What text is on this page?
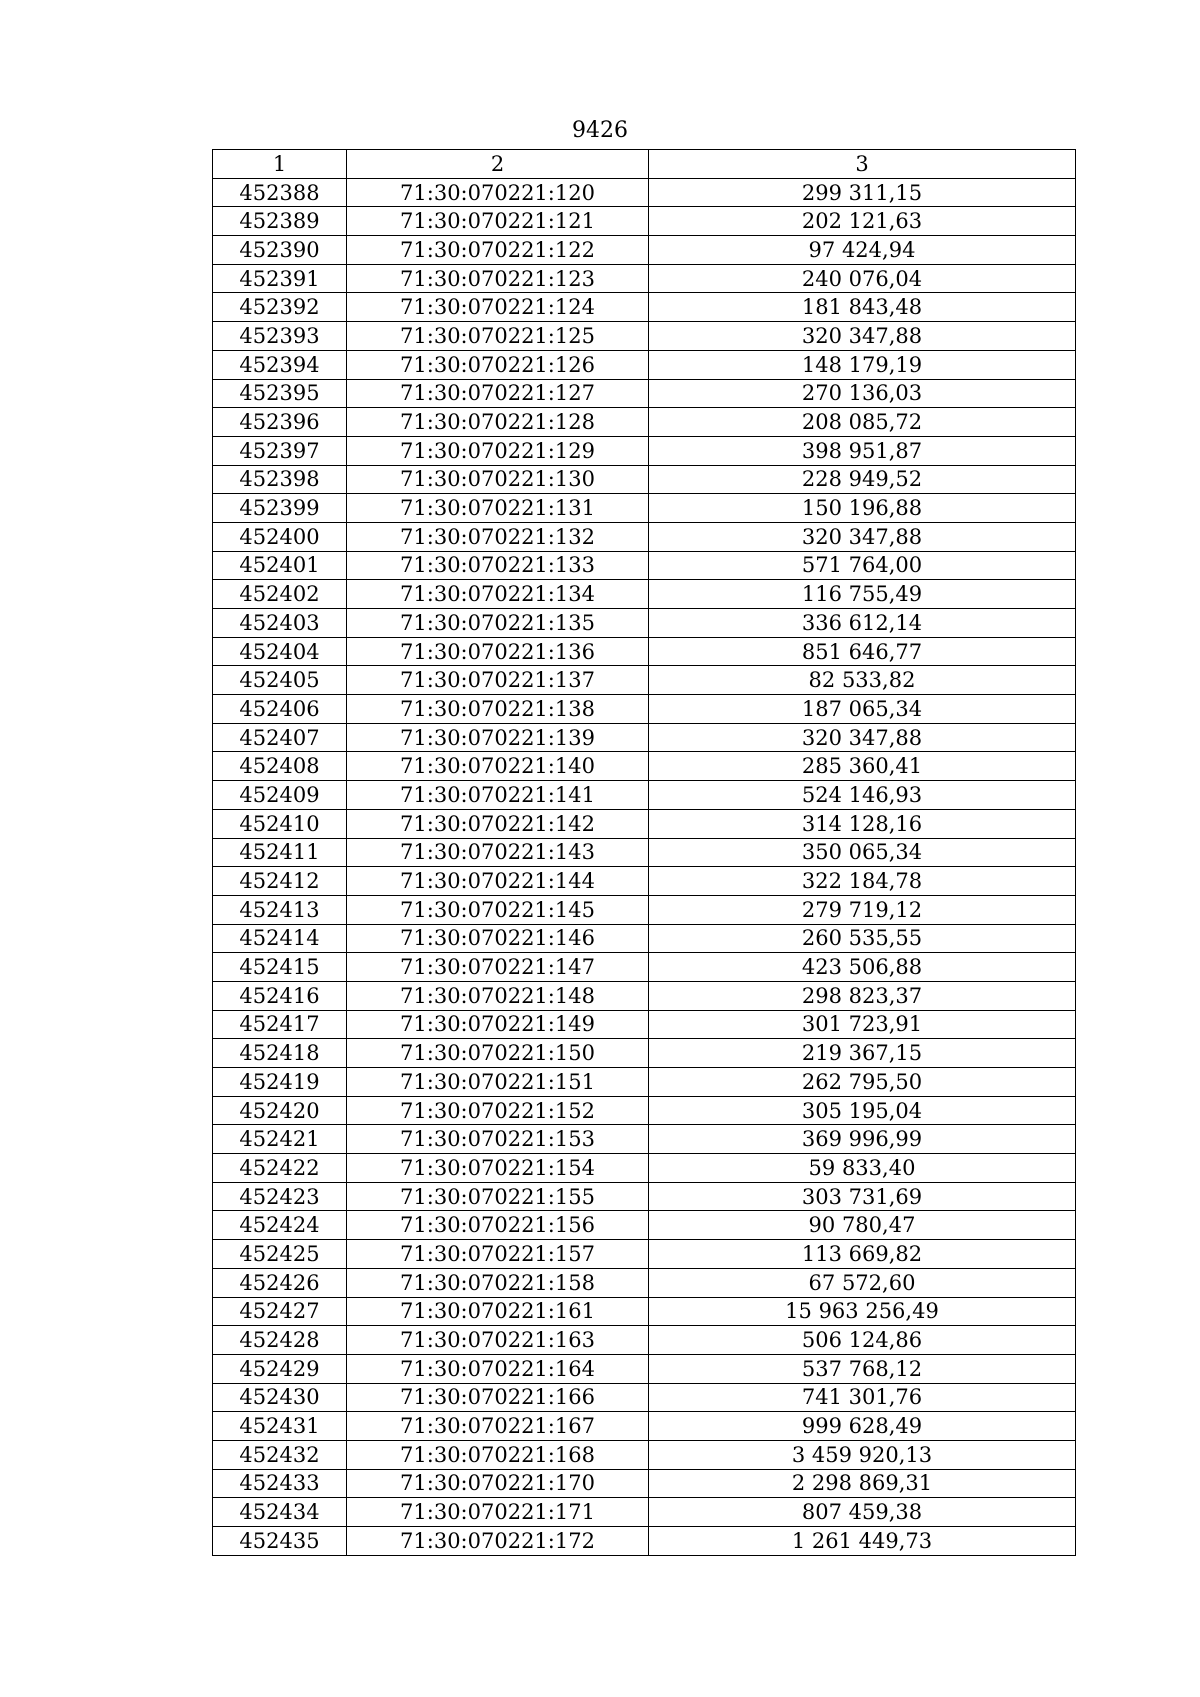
9426
1	2	3
452388	71:30:070221:120	299 311,15
452389	71:30:070221:121	202 121,63
452390	71:30:070221:122	97 424,94
452391	71:30:070221:123	240 076,04
452392	71:30:070221:124	181 843,48
452393	71:30:070221:125	320 347,88
452394	71:30:070221:126	148 179,19
452395	71:30:070221:127	270 136,03
452396	71:30:070221:128	208 085,72
452397	71:30:070221:129	398 951,87
452398	71:30:070221:130	228 949,52
452399	71:30:070221:131	150 196,88
452400	71:30:070221:132	320 347,88
452401	71:30:070221:133	571 764,00
452402	71:30:070221:134	116 755,49
452403	71:30:070221:135	336 612,14
452404	71:30:070221:136	851 646,77
452405	71:30:070221:137	82 533,82
452406	71:30:070221:138	187 065,34
452407	71:30:070221:139	320 347,88
452408	71:30:070221:140	285 360,41
452409	71:30:070221:141	524 146,93
452410	71:30:070221:142	314 128,16
452411	71:30:070221:143	350 065,34
452412	71:30:070221:144	322 184,78
452413	71:30:070221:145	279 719,12
452414	71:30:070221:146	260 535,55
452415	71:30:070221:147	423 506,88
452416	71:30:070221:148	298 823,37
452417	71:30:070221:149	301 723,91
452418	71:30:070221:150	219 367,15
452419	71:30:070221:151	262 795,50
452420	71:30:070221:152	305 195,04
452421	71:30:070221:153	369 996,99
452422	71:30:070221:154	59 833,40
452423	71:30:070221:155	303 731,69
452424	71:30:070221:156	90 780,47
452425	71:30:070221:157	113 669,82
452426	71:30:070221:158	67 572,60
452427	71:30:070221:161	15 963 256,49
452428	71:30:070221:163	506 124,86
452429	71:30:070221:164	537 768,12
452430	71:30:070221:166	741 301,76
452431	71:30:070221:167	999 628,49
452432	71:30:070221:168	3 459 920,13
452433	71:30:070221:170	2 298 869,31
452434	71:30:070221:171	807 459,38
452435	71:30:070221:172	1 261 449,73
